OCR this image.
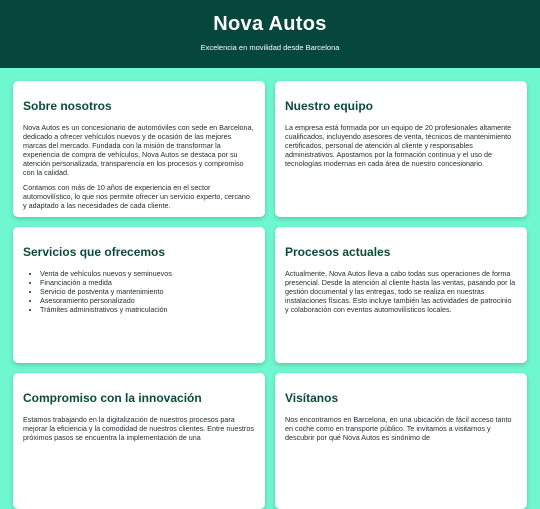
Nova Autos

Excelencia en movilidad desde Barcelona

Sobre nosotros

Nova Autos es un concesionario de automóviles con sede en Barcelona, dedicado a ofrecer vehículos nuevos y de ocasión de las mejores marcas del mercado. Fundada con la misión de transformar la experiencia de compra de vehículos, Nova Autos se destaca por su atención personalizada, transparencia en los procesos y compromiso con la calidad.

Contamos con más de 10 años de experiencia en el sector automovilístico, lo que nos permite ofrecer un servicio experto, cercano y adaptado a las necesidades de cada cliente.

Nuestro equipo

La empresa está formada por un equipo de 20 profesionales altamente cualificados, incluyendo asesores de venta, técnicos de mantenimiento certificados, personal de atención al cliente y responsables administrativos. Apostamos por la formación continua y el uso de tecnologías modernas en cada área de nuestro concesionario.

Servicios que ofrecemos
• Venta de vehículos nuevos y seminuevos
• Financiación a medida
• Servicio de postventa y mantenimiento
• Asesoramiento personalizado
• Trámites administrativos y matriculación
Procesos actuales

Actualmente, Nova Autos lleva a cabo todas sus operaciones de forma presencial. Desde la atención al cliente hasta las ventas, pasando por la gestión documental y las entregas, todo se realiza en nuestras instalaciones físicas. Esto incluye también las actividades de patrocinio y colaboración con eventos automovilísticos locales.

Compromiso con la innovación

Estamos trabajando en la digitalización de nuestros procesos para mejorar la eficiencia y la comodidad de nuestros clientes. Entre nuestros próximos pasos se encuentra la implementación de una

Visítanos

Nos encontramos en Barcelona, en una ubicación de fácil acceso tanto en coche como en transporte público. Te invitamos a visitarnos y descubrir por qué Nova Autos es sinónimo de
